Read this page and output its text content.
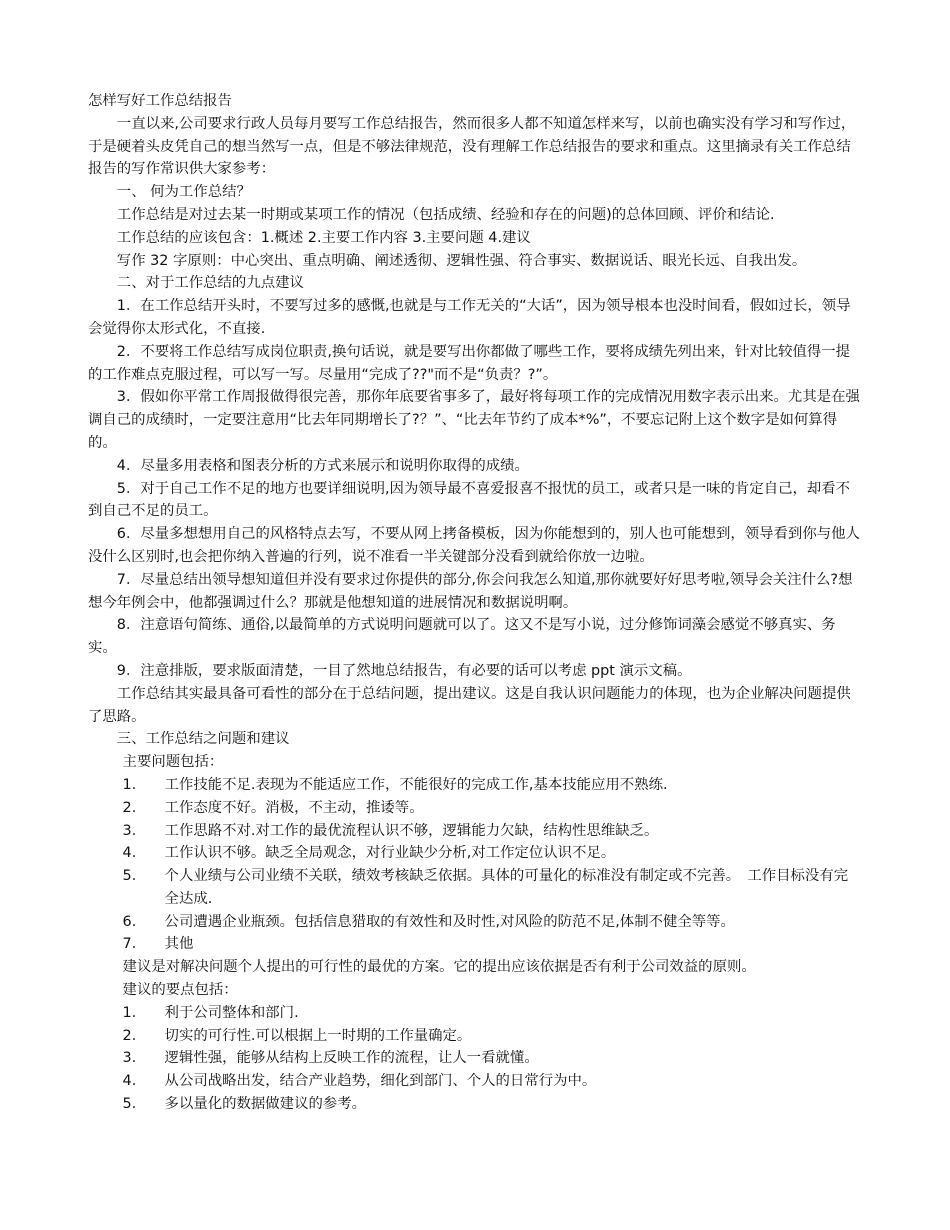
怎样写好工作总结报告

一直以来,公司要求行政人员每月要写工作总结报告，然而很多人都不知道怎样来写，以前也确实没有学习和写作过，于是硬着头皮凭自己的想当然写一点，但是不够法律规范，没有理解工作总结报告的要求和重点。这里摘录有关工作总结报告的写作常识供大家参考：

一、 何为工作总结？

工作总结是对过去某一时期或某项工作的情况（包括成绩、经验和存在的问题)的总体回顾、评价和结论.

工作总结的应该包含：1.概述 2.主要工作内容 3.主要问题 4.建议

写作 32 字原则：中心突出、重点明确、阐述透彻、逻辑性强、符合事实、数据说话、眼光长远、自我出发。

二、对于工作总结的九点建议

1．在工作总结开头时，不要写过多的感慨,也就是与工作无关的“大话”，因为领导根本也没时间看，假如过长，领导会觉得你太形式化，不直接.

2．不要将工作总结写成岗位职责,换句话说，就是要写出你都做了哪些工作，要将成绩先列出来，针对比较值得一提的工作难点克服过程，可以写一写。尽量用“完成了??"而不是“负责？?”。

3．假如你平常工作周报做得很完善，那你年底要省事多了，最好将每项工作的完成情况用数字表示出来。尤其是在强调自己的成绩时，一定要注意用“比去年同期增长了?？”、“比去年节约了成本*%”，不要忘记附上这个数字是如何算得的。

4．尽量多用表格和图表分析的方式来展示和说明你取得的成绩。

5．对于自己工作不足的地方也要详细说明,因为领导最不喜爱报喜不报忧的员工，或者只是一味的肯定自己，却看不到自己不足的员工。

6．尽量多想想用自己的风格特点去写，不要从网上拷备模板，因为你能想到的，别人也可能想到，领导看到你与他人没什么区别时,也会把你纳入普遍的行列，说不准看一半关键部分没看到就给你放一边啦。

7．尽量总结出领导想知道但并没有要求过你提供的部分,你会问我怎么知道,那你就要好好思考啦,领导会关注什么?想想今年例会中，他都强调过什么？那就是他想知道的进展情况和数据说明啊。

8．注意语句简练、通俗,以最简单的方式说明问题就可以了。这又不是写小说，过分修饰词藻会感觉不够真实、务实。

9．注意排版，要求版面清楚，一目了然地总结报告，有必要的话可以考虑 ppt 演示文稿。

工作总结其实最具备可看性的部分在于总结问题，提出建议。这是自我认识问题能力的体现，也为企业解决问题提供了思路。

三、工作总结之问题和建议

主要问题包括：

1．	工作技能不足.表现为不能适应工作，不能很好的完成工作,基本技能应用不熟练.
2．	工作态度不好。消极，不主动，推诿等。
3．	工作思路不对.对工作的最优流程认识不够，逻辑能力欠缺，结构性思维缺乏。
4．	工作认识不够。缺乏全局观念，对行业缺少分析,对工作定位认识不足。
5．	个人业绩与公司业绩不关联，绩效考核缺乏依据。具体的可量化的标准没有制定或不完善。　工作目标没有完全达成.
6．	公司遭遇企业瓶颈。包括信息猎取的有效性和及时性,对风险的防范不足,体制不健全等等。
7．	其他

建议是对解决问题个人提出的可行性的最优的方案。它的提出应该依据是否有利于公司效益的原则。

建议的要点包括：

1．	利于公司整体和部门.
2．	切实的可行性.可以根据上一时期的工作量确定。
3．	逻辑性强，能够从结构上反映工作的流程，让人一看就懂。
4．	从公司战略出发，结合产业趋势，细化到部门、个人的日常行为中。
5．	多以量化的数据做建议的参考。
